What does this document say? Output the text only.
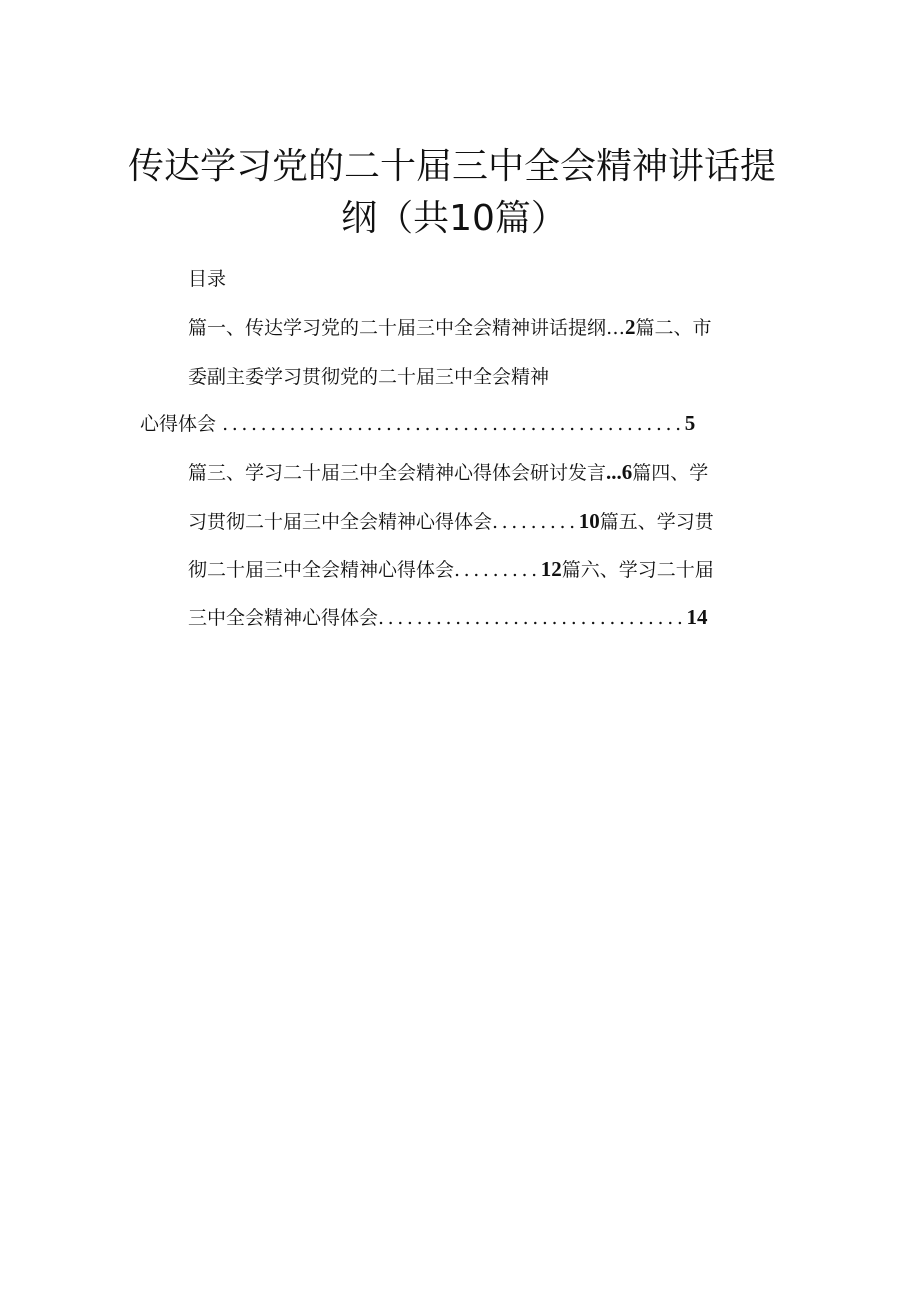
传达学习党的二十届三中全会精神讲话提
纲（共10篇）
目录
篇一、传达学习党的二十届三中全会精神讲话提纲…2篇二、市
委副主委学习贯彻党的二十届三中全会精神
心得体会 ................................................5
篇三、学习二十届三中全会精神心得体会研讨发言...6篇四、学
习贯彻二十届三中全会精神心得体会.........10篇五、学习贯
彻二十届三中全会精神心得体会.........12篇六、学习二十届
三中全会精神心得体会................................14
